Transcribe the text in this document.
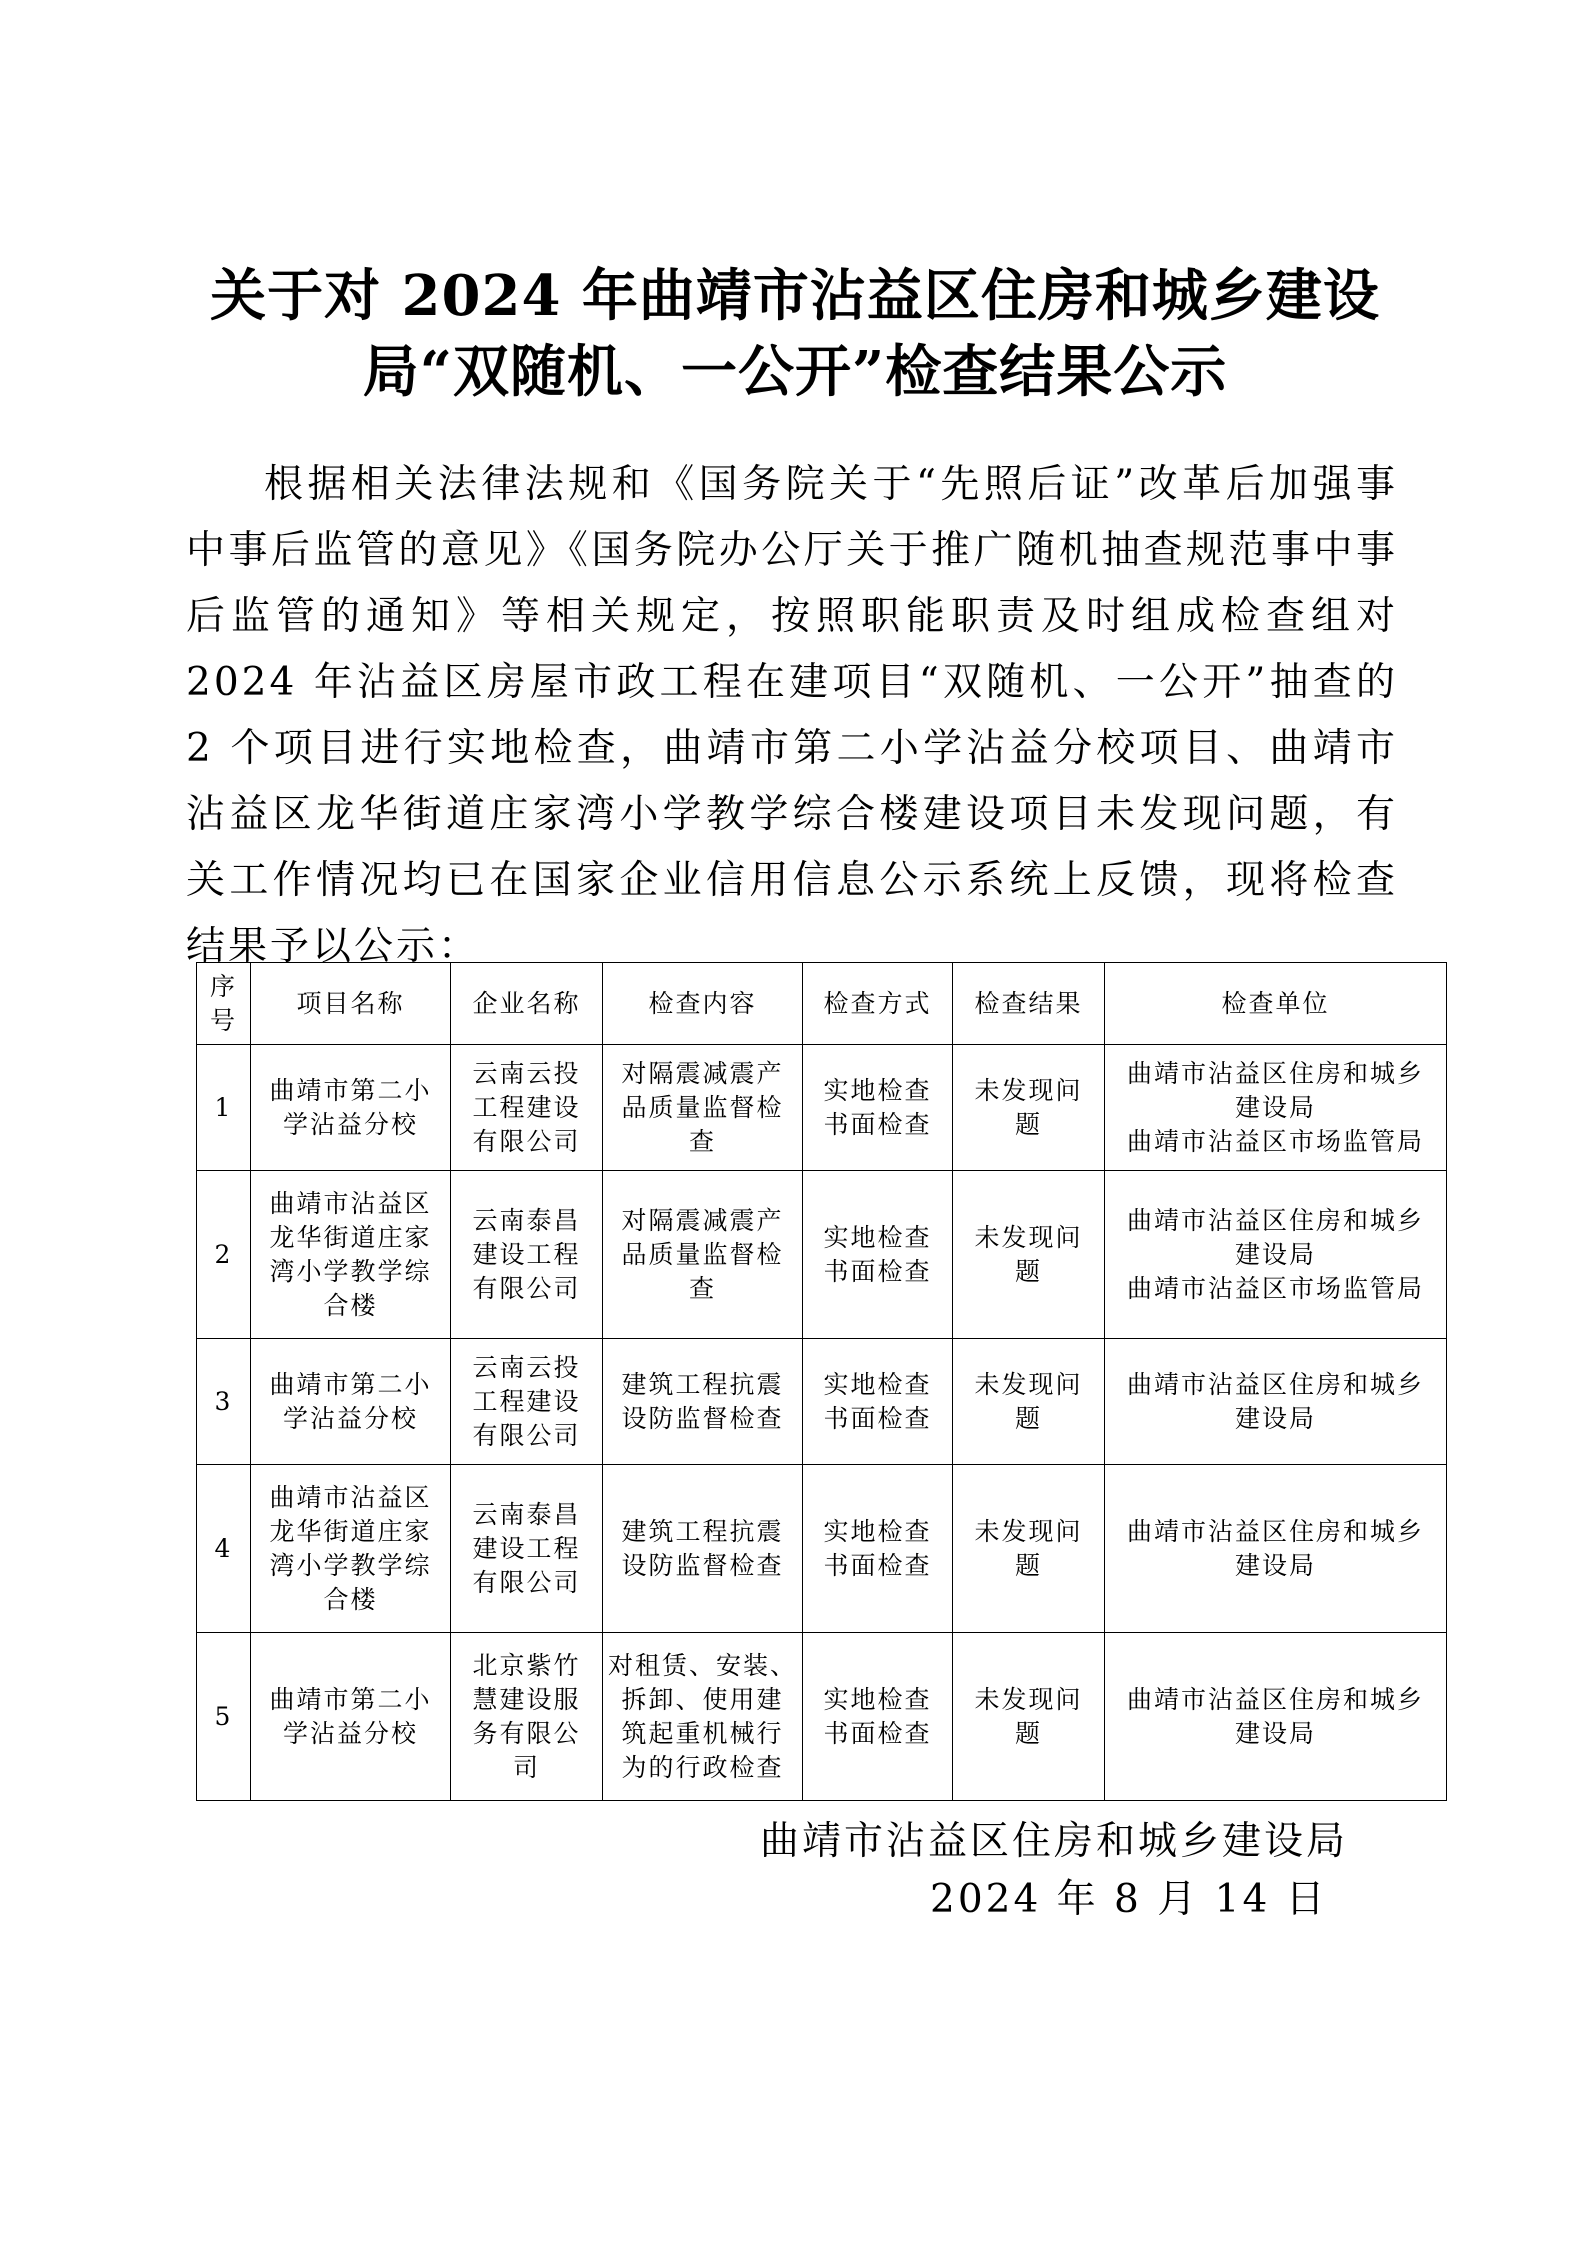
关于对 2024 年曲靖市沾益区住房和城乡建设
局“双随机、一公开”检查结果公示

根据相关法律法规和《国务院关于“先照后证”改革后加强事中事后监管的意见》《国务院办公厅关于推广随机抽查规范事中事后监管的通知》等相关规定，按照职能职责及时组成检查组对 2024 年沾益区房屋市政工程在建项目“双随机、一公开”抽查的 2 个项目进行实地检查，曲靖市第二小学沾益分校项目、曲靖市沾益区龙华街道庄家湾小学教学综合楼建设项目未发现问题，有关工作情况均已在国家企业信用信息公示系统上反馈，现将检查结果予以公示：

序
号	项目名称	企业名称	检查内容	检查方式	检查结果	检查单位
1	曲靖市第二小
学沾益分校	云南云投
工程建设
有限公司	对隔震减震产
品质量监督检
查	实地检查
书面检查	未发现问
题	曲靖市沾益区住房和城乡
建设局
曲靖市沾益区市场监管局

2	曲靖市沾益区
龙华街道庄家
湾小学教学综
合楼	云南泰昌
建设工程
有限公司	对隔震减震产
品质量监督检
查	实地检查
书面检查	未发现问
题	曲靖市沾益区住房和城乡
建设局
曲靖市沾益区市场监管局

3	曲靖市第二小
学沾益分校	云南云投
工程建设
有限公司	建筑工程抗震
设防监督检查	实地检查
书面检查	未发现问
题	曲靖市沾益区住房和城乡
建设局

4	曲靖市沾益区
龙华街道庄家
湾小学教学综
合楼	云南泰昌
建设工程
有限公司	建筑工程抗震
设防监督检查	实地检查
书面检查	未发现问
题	曲靖市沾益区住房和城乡
建设局

5	曲靖市第二小
学沾益分校	北京紫竹
慧建设服
务有限公
司	对租赁、安装、
拆卸、使用建
筑起重机械行
为的行政检查	实地检查
书面检查	未发现问
题	曲靖市沾益区住房和城乡
建设局

曲靖市沾益区住房和城乡建设局

2024 年 8 月 14 日
